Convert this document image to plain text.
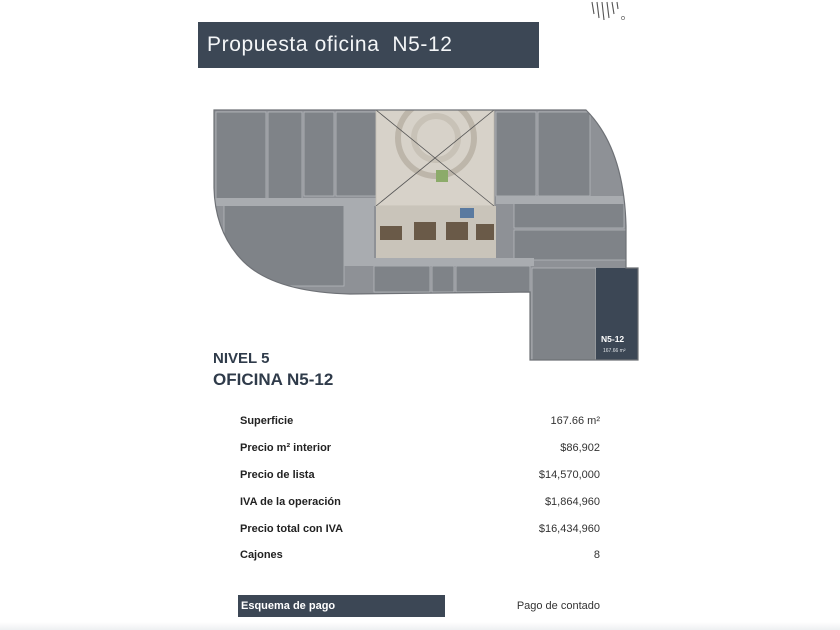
Propuesta oficina  N5-12
N5-12
167.66 m²
NIVEL 5
OFICINA N5-12
Superficie	167.66 m²
Precio m² interior	$86,902
Precio de lista	$14,570,000
IVA de la operación	$1,864,960
Precio total con IVA	$16,434,960
Cajones	8
Esquema de pago	Pago de contado
